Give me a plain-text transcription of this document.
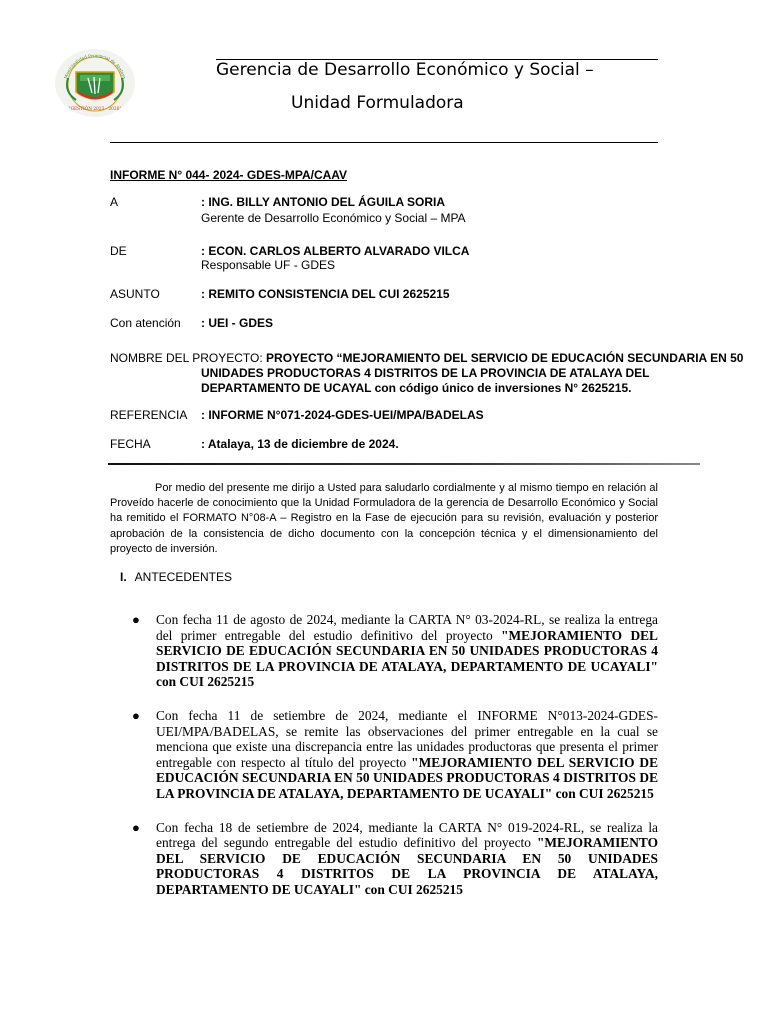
Municipalidad Provincial de Atalaya
"GESTIÓN 2023 - 2026"
Gerencia de Desarrollo Económico y Social –
Unidad Formuladora
INFORME N° 044- 2024- GDES-MPA/CAAV
A	: ING. BILLY ANTONIO DEL ÁGUILA SORIA
Gerente de Desarrollo Económico y Social – MPA
DE	: ECON. CARLOS ALBERTO ALVARADO VILCA
Responsable UF - GDES
ASUNTO	: REMITO CONSISTENCIA DEL CUI 2625215
Con atención : UEI - GDES
NOMBRE DEL PROYECTO: PROYECTO “MEJORAMIENTO DEL SERVICIO DE EDUCACIÓN SECUNDARIA EN 50
UNIDADES PRODUCTORAS 4 DISTRITOS DE LA PROVINCIA DE ATALAYA DEL
DEPARTAMENTO DE UCAYAL con código único de inversiones N° 2625215.
REFERENCIA : INFORME N°071-2024-GDES-UEI/MPA/BADELAS
FECHA	: Atalaya, 13 de diciembre de 2024.
Por medio del presente me dirijo a Usted para saludarlo cordialmente y al mismo tiempo en relación al Proveído hacerle de conocimiento que la Unidad Formuladora de la gerencia de Desarrollo Económico y Social ha remitido el FORMATO N°08-A – Registro en la Fase de ejecución para su revisión, evaluación y posterior aprobación de la consistencia de dicho documento con la concepción técnica y el dimensionamiento del proyecto de inversión.
I. ANTECEDENTES
● Con fecha 11 de agosto de 2024, mediante la CARTA N° 03-2024-RL, se realiza la entrega del primer entregable del estudio definitivo del proyecto "MEJORAMIENTO DEL SERVICIO DE EDUCACIÓN SECUNDARIA EN 50 UNIDADES PRODUCTORAS 4 DISTRITOS DE LA PROVINCIA DE ATALAYA, DEPARTAMENTO DE UCAYALI" con CUI 2625215
● Con fecha 11 de setiembre de 2024, mediante el INFORME N°013-2024-GDES-UEI/MPA/BADELAS, se remite las observaciones del primer entregable en la cual se menciona que existe una discrepancia entre las unidades productoras que presenta el primer entregable con respecto al título del proyecto "MEJORAMIENTO DEL SERVICIO DE EDUCACIÓN SECUNDARIA EN 50 UNIDADES PRODUCTORAS 4 DISTRITOS DE LA PROVINCIA DE ATALAYA, DEPARTAMENTO DE UCAYALI" con CUI 2625215
● Con fecha 18 de setiembre de 2024, mediante la CARTA N° 019-2024-RL, se realiza la entrega del segundo entregable del estudio definitivo del proyecto "MEJORAMIENTO DEL SERVICIO DE EDUCACIÓN SECUNDARIA EN 50 UNIDADES PRODUCTORAS 4 DISTRITOS DE LA PROVINCIA DE ATALAYA, DEPARTAMENTO DE UCAYALI" con CUI 2625215
